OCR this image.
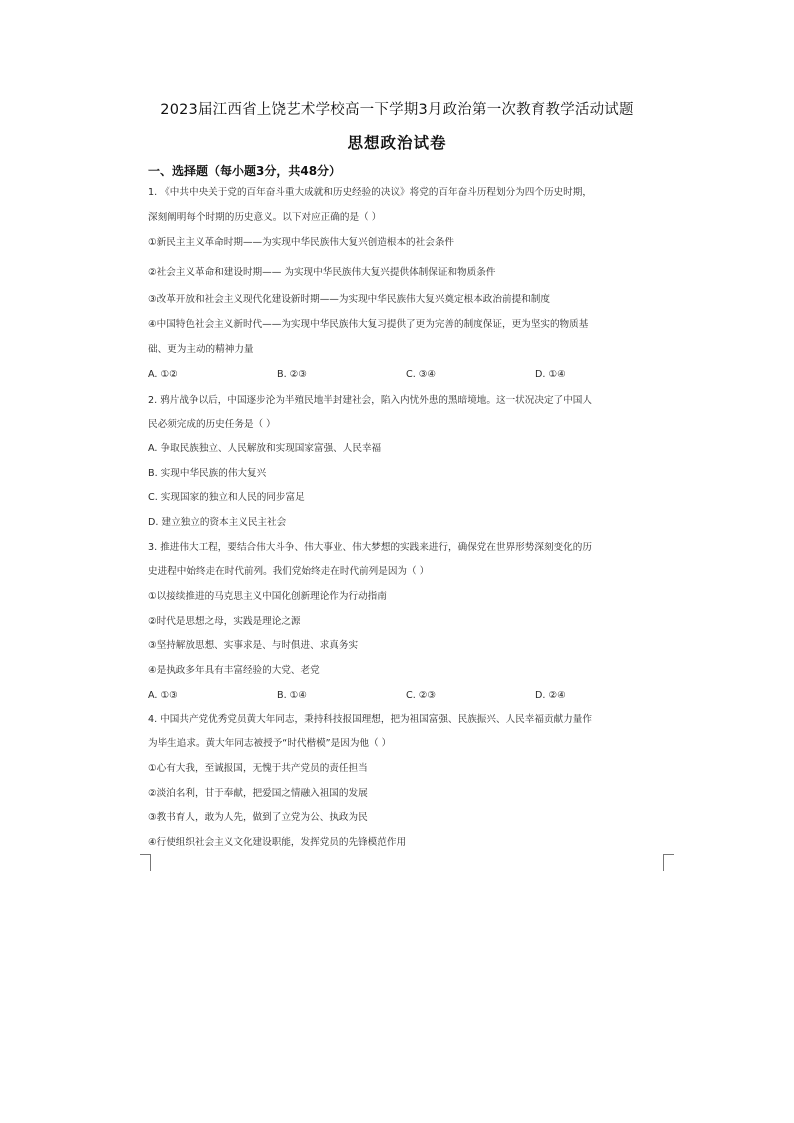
2023届江西省上饶艺术学校高一下学期3月政治第一次教育教学活动试题
思想政治试卷
一、选择题（每小题3分，共48分）
1. 《中共中央关于党的百年奋斗重大成就和历史经验的决议》将党的百年奋斗历程划分为四个历史时期，
深刻阐明每个时期的历史意义。以下对应正确的是（ ）
①新民主主义革命时期——为实现中华民族伟大复兴创造根本的社会条件
②社会主义革命和建设时期—— 为实现中华民族伟大复兴提供体制保证和物质条件
③改革开放和社会主义现代化建设新时期——为实现中华民族伟大复兴奠定根本政治前提和制度
④中国特色社会主义新时代——为实现中华民族伟大复习提供了更为完善的制度保证，更为坚实的物质基
础、更为主动的精神力量
A. ①②	B. ②③	C. ③④	D. ①④
2. 鸦片战争以后，中国逐步沦为半殖民地半封建社会，陷入内忧外患的黑暗境地。这一状况决定了中国人
民必须完成的历史任务是（ ）
A. 争取民族独立、人民解放和实现国家富强、人民幸福
B. 实现中华民族的伟大复兴
C. 实现国家的独立和人民的同步富足
D. 建立独立的资本主义民主社会
3. 推进伟大工程，要结合伟大斗争、伟大事业、伟大梦想的实践来进行，确保党在世界形势深刻变化的历
史进程中始终走在时代前列。我们党始终走在时代前列是因为（ ）
①以接续推进的马克思主义中国化创新理论作为行动指南
②时代是思想之母，实践是理论之源
③坚持解放思想、实事求是、与时俱进、求真务实
④是执政多年具有丰富经验的大党、老党
A. ①③	B. ①④	C. ②③	D. ②④
4. 中国共产党优秀党员黄大年同志，秉持科技报国理想，把为祖国富强、民族振兴、人民幸福贡献力量作
为毕生追求。黄大年同志被授予“时代楷模”是因为他（ ）
①心有大我，至诚报国，无愧于共产党员的责任担当
②淡泊名利，甘于奉献，把爱国之情融入祖国的发展
③教书育人，敢为人先，做到了立党为公、执政为民
④行使组织社会主义文化建设职能，发挥党员的先锋模范作用
